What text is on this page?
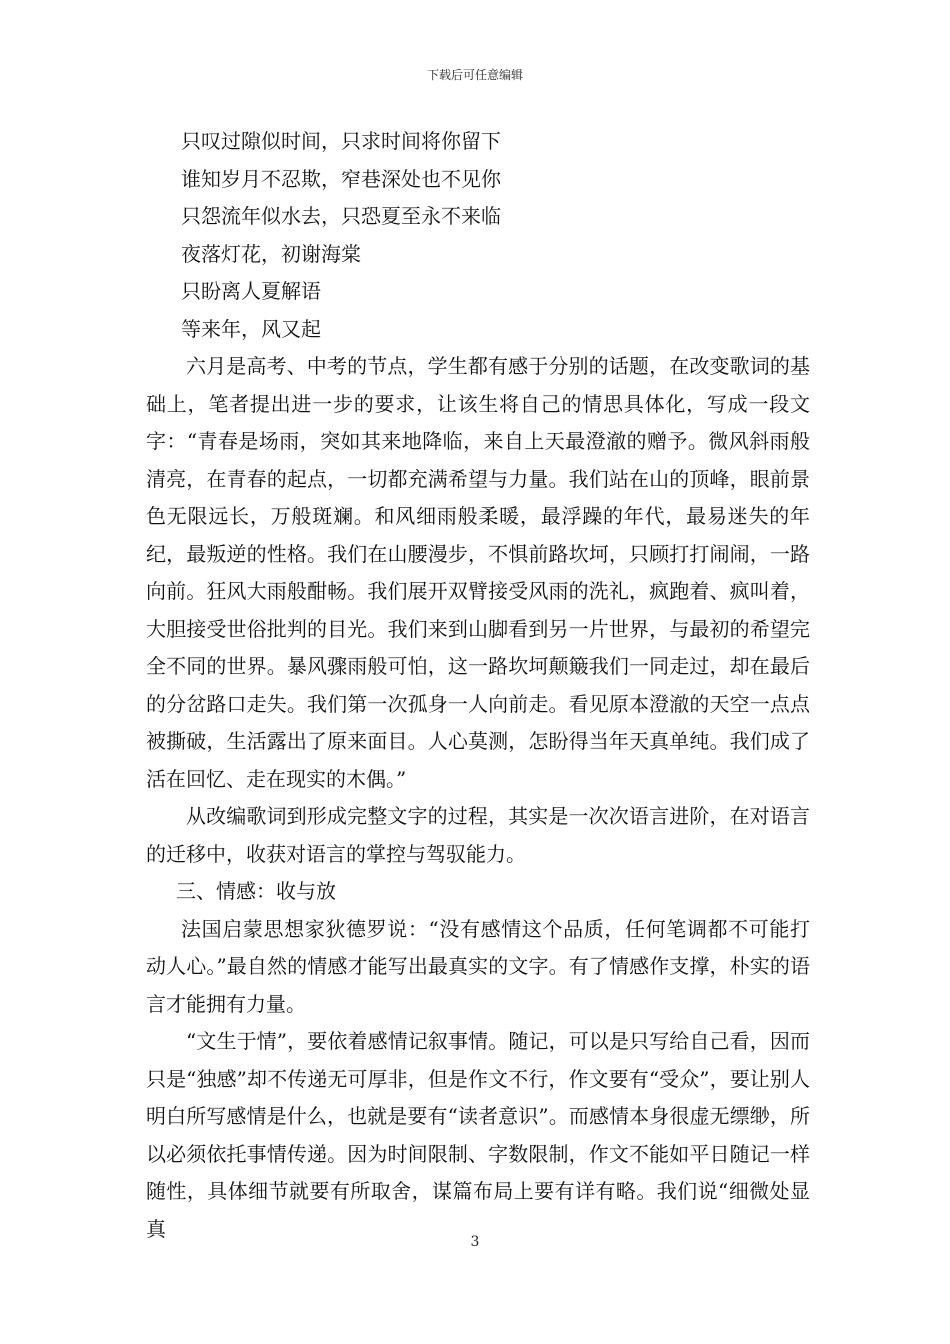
下载后可任意编辑
只叹过隙似时间，只求时间将你留下
谁知岁月不忍欺，窄巷深处也不见你
只怨流年似水去，只恐夏至永不来临
夜落灯花，初谢海棠
只盼离人夏解语
等来年，风又起

六月是高考、中考的节点，学生都有感于分别的话题，在改变歌词的基础上，笔者提出进一步的要求，让该生将自己的情思具体化，写成一段文字：“青春是场雨，突如其来地降临，来自上天最澄澈的赠予。微风斜雨般清亮，在青春的起点，一切都充满希望与力量。我们站在山的顶峰，眼前景色无限远长，万般斑斓。和风细雨般柔暖，最浮躁的年代，最易迷失的年纪，最叛逆的性格。我们在山腰漫步，不惧前路坎坷，只顾打打闹闹，一路向前。狂风大雨般酣畅。我们展开双臂接受风雨的洗礼，疯跑着、疯叫着，大胆接受世俗批判的目光。我们来到山脚看到另一片世界，与最初的希望完全不同的世界。暴风骤雨般可怕，这一路坎坷颠簸我们一同走过，却在最后的分岔路口走失。我们第一次孤身一人向前走。看见原本澄澈的天空一点点被撕破，生活露出了原来面目。人心莫测，怎盼得当年天真单纯。我们成了活在回忆、走在现实的木偶。”

从改编歌词到形成完整文字的过程，其实是一次次语言进阶，在对语言的迁移中，收获对语言的掌控与驾驭能力。

三、情感：收与放

法国启蒙思想家狄德罗说：“没有感情这个品质，任何笔调都不可能打动人心。”最自然的情感才能写出最真实的文字。有了情感作支撑，朴实的语言才能拥有力量。

“文生于情”，要依着感情记叙事情。随记，可以是只写给自己看，因而只是“独感”却不传递无可厚非，但是作文不行，作文要有“受众”，要让别人明白所写感情是什么，也就是要有“读者意识”。而感情本身很虚无缥缈，所以必须依托事情传递。因为时间限制、字数限制，作文不能如平日随记一样随性，具体细节就要有所取舍，谋篇布局上要有详有略。我们说“细微处显真

3
